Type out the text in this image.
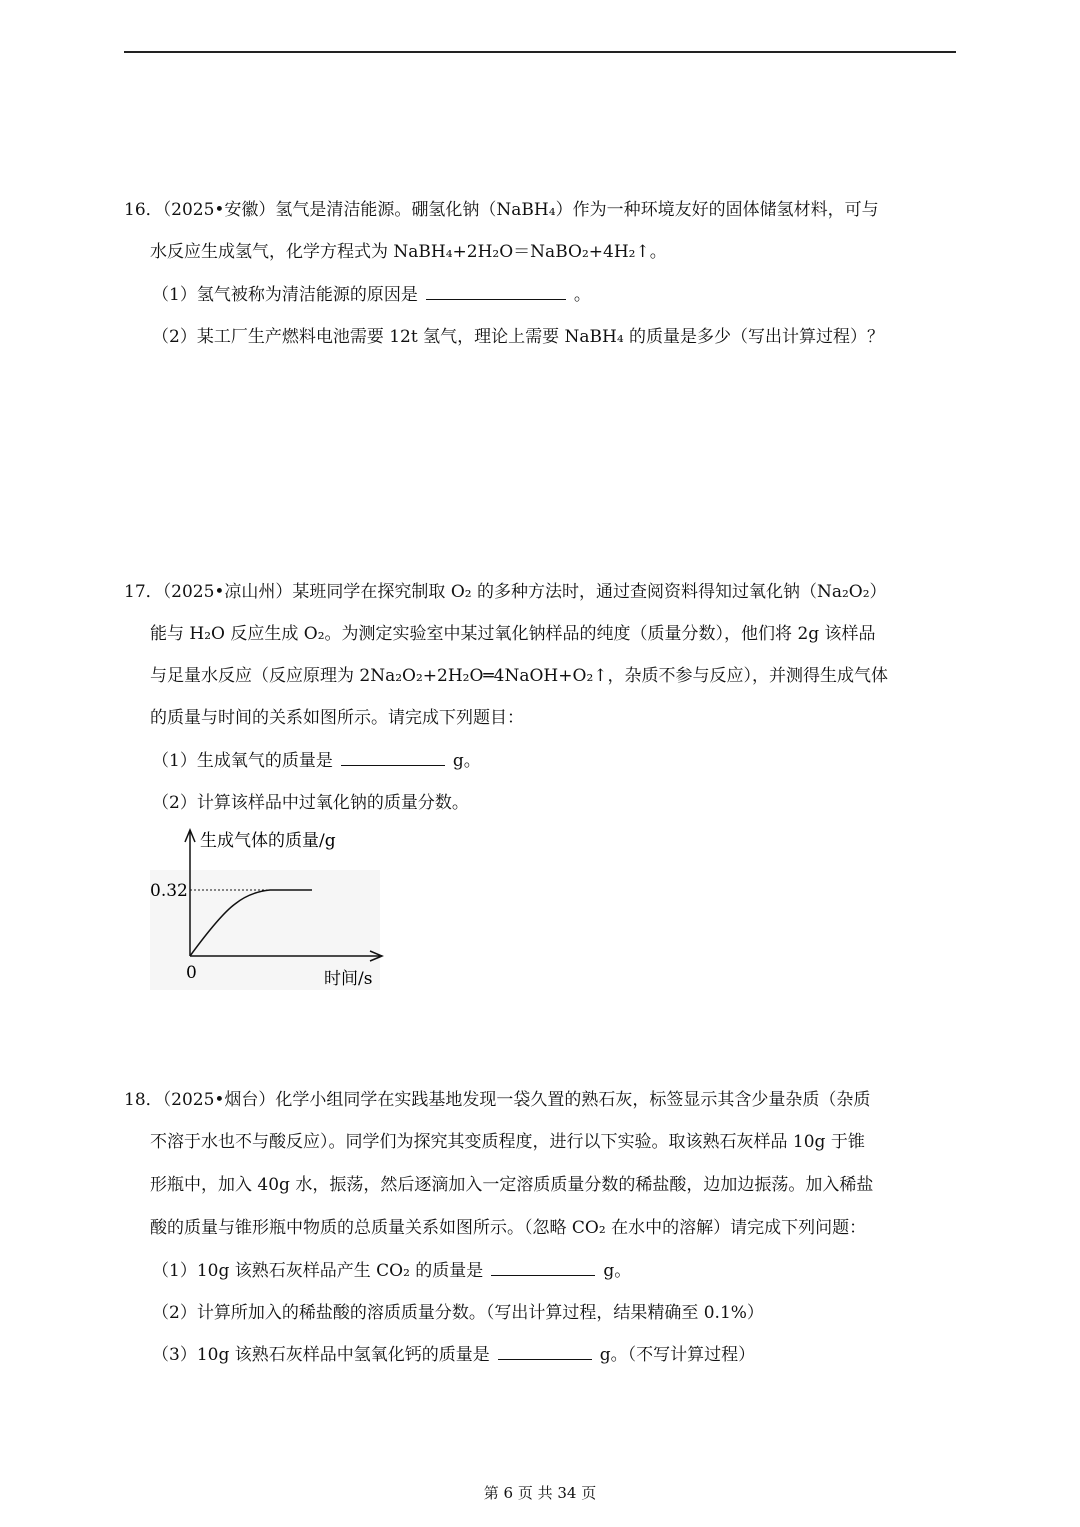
16．（2025•安徽）氢气是清洁能源。硼氢化钠（NaBH₄）作为一种环境友好的固体储氢材料，可与
水反应生成氢气，化学方程式为 NaBH₄+2H₂O＝NaBO₂+4H₂↑。
（1）氢气被称为清洁能源的原因是	。
（2）某工厂生产燃料电池需要 12t 氢气，理论上需要 NaBH₄ 的质量是多少（写出计算过程）？
17．（2025•凉山州）某班同学在探究制取 O₂ 的多种方法时，通过查阅资料得知过氧化钠（Na₂O₂）
能与 H₂O 反应生成 O₂。为测定实验室中某过氧化钠样品的纯度（质量分数），他们将 2g 该样品
与足量水反应（反应原理为 2Na₂O₂+2H₂O═4NaOH+O₂↑，杂质不参与反应），并测得生成气体
的质量与时间的关系如图所示。请完成下列题目：
（1）生成氧气的质量是	g。
（2）计算该样品中过氧化钠的质量分数。
生成气体的质量/g
0.32
0	时间/s
18．（2025•烟台）化学小组同学在实践基地发现一袋久置的熟石灰，标签显示其含少量杂质（杂质
不溶于水也不与酸反应）。同学们为探究其变质程度，进行以下实验。取该熟石灰样品 10g 于锥
形瓶中，加入 40g 水，振荡，然后逐滴加入一定溶质质量分数的稀盐酸，边加边振荡。加入稀盐
酸的质量与锥形瓶中物质的总质量关系如图所示。（忽略 CO₂ 在水中的溶解）请完成下列问题：
（1）10g 该熟石灰样品产生 CO₂ 的质量是	g。
（2）计算所加入的稀盐酸的溶质质量分数。（写出计算过程，结果精确至 0.1%）
（3）10g 该熟石灰样品中氢氧化钙的质量是	g。（不写计算过程）
第 6 页 共 34 页
